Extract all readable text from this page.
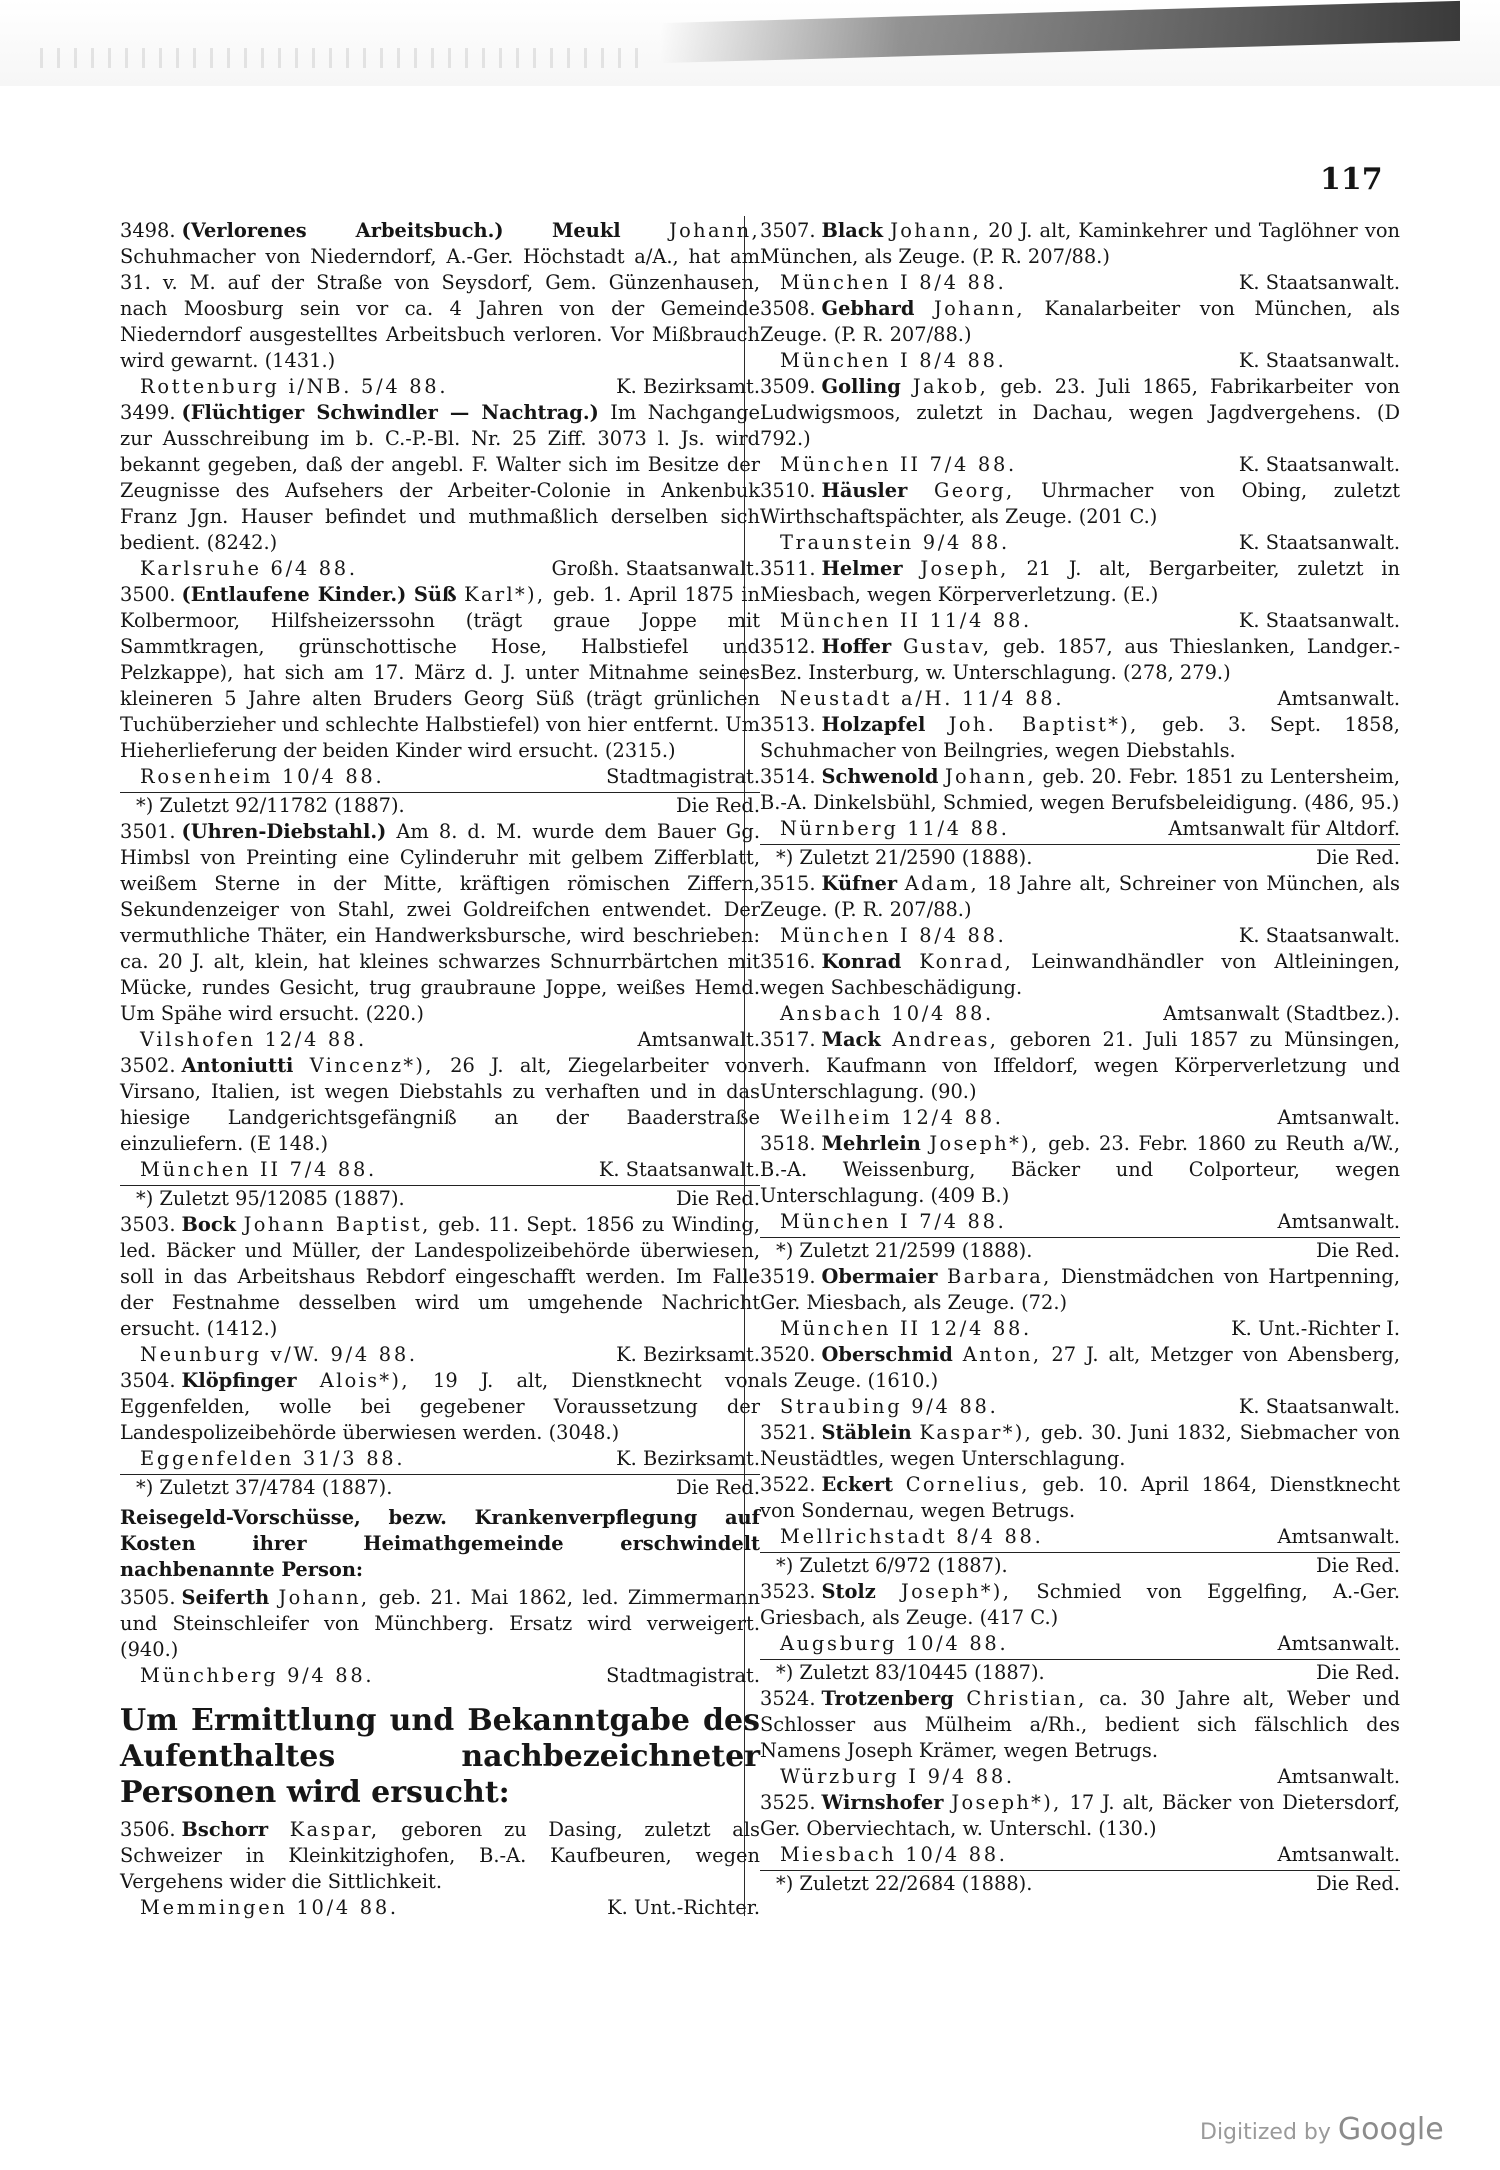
117

3498. (Verlorenes Arbeitsbuch.) Meukl Johann, Schuhmacher von Niederndorf, A.-Ger. Höchstadt a/A., hat am 31. v. M. auf der Straße von Seysdorf, Gem. Günzenhausen, nach Moosburg sein vor ca. 4 Jahren von der Gemeinde Niederndorf ausgestelltes Arbeitsbuch verloren. Vor Mißbrauch wird gewarnt. (1431.)

Rottenburg i/NB. 5/4 88.	K. Bezirksamt.

3499. (Flüchtiger Schwindler — Nachtrag.) Im Nachgange zur Ausschreibung im b. C.-P.-Bl. Nr. 25 Ziff. 3073 l. Js. wird bekannt gegeben, daß der angebl. F. Walter sich im Besitze der Zeugnisse des Aufsehers der Arbeiter-Colonie in Ankenbuk Franz Jgn. Hauser befindet und muthmaßlich derselben sich bedient. (8242.)

Karlsruhe 6/4 88.	Großh. Staatsanwalt.

3500. (Entlaufene Kinder.) Süß Karl*), geb. 1. April 1875 in Kolbermoor, Hilfsheizerssohn (trägt graue Joppe mit Sammtkragen, grünschottische Hose, Halbstiefel und Pelzkappe), hat sich am 17. März d. J. unter Mitnahme seines kleineren 5 Jahre alten Bruders Georg Süß (trägt grünlichen Tuchüberzieher und schlechte Halbstiefel) von hier entfernt. Um Hieherlieferung der beiden Kinder wird ersucht. (2315.)

Rosenheim 10/4 88.	Stadtmagistrat.
*) Zuletzt 92/11782 (1887).	Die Red.

3501. (Uhren-Diebstahl.) Am 8. d. M. wurde dem Bauer Gg. Himbsl von Preinting eine Cylinderuhr mit gelbem Zifferblatt, weißem Sterne in der Mitte, kräftigen römischen Ziffern, Sekundenzeiger von Stahl, zwei Goldreifchen entwendet. Der vermuthliche Thäter, ein Handwerksbursche, wird beschrieben: ca. 20 J. alt, klein, hat kleines schwarzes Schnurrbärtchen mit Mücke, rundes Gesicht, trug graubraune Joppe, weißes Hemd. Um Spähe wird ersucht. (220.)

Vilshofen 12/4 88.	Amtsanwalt.

3502. Antoniutti Vincenz*), 26 J. alt, Ziegelarbeiter von Virsano, Italien, ist wegen Diebstahls zu verhaften und in das hiesige Landgerichtsgefängniß an der Baaderstraße einzuliefern. (E 148.)

München II 7/4 88.	K. Staatsanwalt.
*) Zuletzt 95/12085 (1887).	Die Red.

3503. Bock Johann Baptist, geb. 11. Sept. 1856 zu Winding, led. Bäcker und Müller, der Landespolizeibehörde überwiesen, soll in das Arbeitshaus Rebdorf eingeschafft werden. Im Falle der Festnahme desselben wird um umgehende Nachricht ersucht. (1412.)

Neunburg v/W. 9/4 88.	K. Bezirksamt.

3504. Klöpfinger Alois*), 19 J. alt, Dienstknecht von Eggenfelden, wolle bei gegebener Voraussetzung der Landespolizeibehörde überwiesen werden. (3048.)

Eggenfelden 31/3 88.	K. Bezirksamt.
*) Zuletzt 37/4784 (1887).	Die Red.

Reisegeld-Vorschüsse, bezw. Krankenverpflegung auf Kosten ihrer Heimathgemeinde erschwindelt nachbenannte Person:

3505. Seiferth Johann, geb. 21. Mai 1862, led. Zimmermann und Steinschleifer von Münchberg. Ersatz wird verweigert. (940.)

Münchberg 9/4 88.	Stadtmagistrat.
Um Ermittlung und Bekanntgabe des Aufenthaltes nachbezeichneter Personen wird ersucht:

3506. Bschorr Kaspar, geboren zu Dasing, zuletzt als Schweizer in Kleinkitzighofen, B.-A. Kaufbeuren, wegen Vergehens wider die Sittlichkeit.

Memmingen 10/4 88.	K. Unt.-Richter.

3507. Black Johann, 20 J. alt, Kaminkehrer und Taglöhner von München, als Zeuge. (P. R. 207/88.)

München I 8/4 88.	K. Staatsanwalt.

3508. Gebhard Johann, Kanalarbeiter von München, als Zeuge. (P. R. 207/88.)

München I 8/4 88.	K. Staatsanwalt.

3509. Golling Jakob, geb. 23. Juli 1865, Fabrikarbeiter von Ludwigsmoos, zuletzt in Dachau, wegen Jagdvergehens. (D 792.)

München II 7/4 88.	K. Staatsanwalt.

3510. Häusler Georg, Uhrmacher von Obing, zuletzt Wirthschaftspächter, als Zeuge. (201 C.)

Traunstein 9/4 88.	K. Staatsanwalt.

3511. Helmer Joseph, 21 J. alt, Bergarbeiter, zuletzt in Miesbach, wegen Körperverletzung. (E.)

München II 11/4 88.	K. Staatsanwalt.

3512. Hoffer Gustav, geb. 1857, aus Thieslanken, Landger.-Bez. Insterburg, w. Unterschlagung. (278, 279.)

Neustadt a/H. 11/4 88.	Amtsanwalt.

3513. Holzapfel Joh. Baptist*), geb. 3. Sept. 1858, Schuhmacher von Beilngries, wegen Diebstahls.

3514. Schwenold Johann, geb. 20. Febr. 1851 zu Lentersheim, B.-A. Dinkelsbühl, Schmied, wegen Berufsbeleidigung. (486, 95.)

Nürnberg 11/4 88.	Amtsanwalt für Altdorf.
*) Zuletzt 21/2590 (1888).	Die Red.

3515. Küfner Adam, 18 Jahre alt, Schreiner von München, als Zeuge. (P. R. 207/88.)

München I 8/4 88.	K. Staatsanwalt.

3516. Konrad Konrad, Leinwandhändler von Altleiningen, wegen Sachbeschädigung.

Ansbach 10/4 88.	Amtsanwalt (Stadtbez.).

3517. Mack Andreas, geboren 21. Juli 1857 zu Münsingen, verh. Kaufmann von Iffeldorf, wegen Körperverletzung und Unterschlagung. (90.)

Weilheim 12/4 88.	Amtsanwalt.

3518. Mehrlein Joseph*), geb. 23. Febr. 1860 zu Reuth a/W., B.-A. Weissenburg, Bäcker und Colporteur, wegen Unterschlagung. (409 B.)

München I 7/4 88.	Amtsanwalt.
*) Zuletzt 21/2599 (1888).	Die Red.

3519. Obermaier Barbara, Dienstmädchen von Hartpenning, Ger. Miesbach, als Zeuge. (72.)

München II 12/4 88.	K. Unt.-Richter I.

3520. Oberschmid Anton, 27 J. alt, Metzger von Abensberg, als Zeuge. (1610.)

Straubing 9/4 88.	K. Staatsanwalt.

3521. Stäblein Kaspar*), geb. 30. Juni 1832, Siebmacher von Neustädtles, wegen Unterschlagung.

3522. Eckert Cornelius, geb. 10. April 1864, Dienstknecht von Sondernau, wegen Betrugs.

Mellrichstadt 8/4 88.	Amtsanwalt.
*) Zuletzt 6/972 (1887).	Die Red.

3523. Stolz Joseph*), Schmied von Eggelfing, A.-Ger. Griesbach, als Zeuge. (417 C.)

Augsburg 10/4 88.	Amtsanwalt.
*) Zuletzt 83/10445 (1887).	Die Red.

3524. Trotzenberg Christian, ca. 30 Jahre alt, Weber und Schlosser aus Mülheim a/Rh., bedient sich fälschlich des Namens Joseph Krämer, wegen Betrugs.

Würzburg I 9/4 88.	Amtsanwalt.

3525. Wirnshofer Joseph*), 17 J. alt, Bäcker von Dietersdorf, Ger. Oberviechtach, w. Unterschl. (130.)

Miesbach 10/4 88.	Amtsanwalt.
*) Zuletzt 22/2684 (1888).	Die Red.
Digitized by Google
